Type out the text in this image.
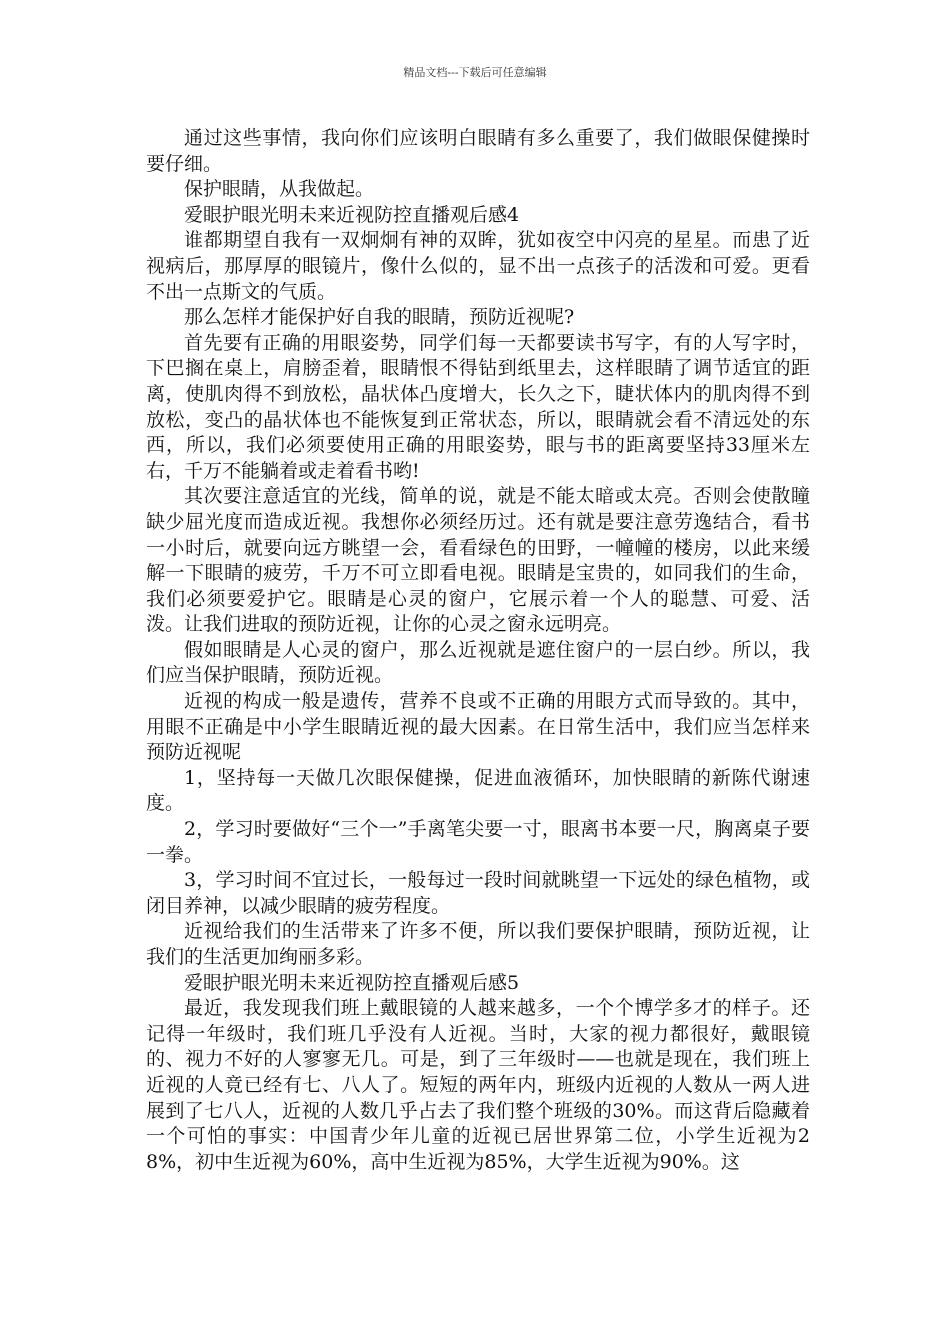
精品文档---下载后可任意编辑

通过这些事情，我向你们应该明白眼睛有多么重要了，我们做眼保健操时要仔细。

保护眼睛，从我做起。

爱眼护眼光明未来近视防控直播观后感4

谁都期望自我有一双炯炯有神的双眸，犹如夜空中闪亮的星星。而患了近视病后，那厚厚的眼镜片，像什么似的，显不出一点孩子的活泼和可爱。更看不出一点斯文的气质。

那么怎样才能保护好自我的眼睛，预防近视呢?

首先要有正确的用眼姿势，同学们每一天都要读书写字，有的人写字时，下巴搁在桌上，肩膀歪着，眼睛恨不得钻到纸里去，这样眼睛了调节适宜的距离，使肌肉得不到放松，晶状体凸度增大，长久之下，睫状体内的肌肉得不到放松，变凸的晶状体也不能恢复到正常状态，所以，眼睛就会看不清远处的东西，所以，我们必须要使用正确的用眼姿势，眼与书的距离要坚持33厘米左右，千万不能躺着或走着看书哟!

其次要注意适宜的光线，简单的说，就是不能太暗或太亮。否则会使散瞳缺少屈光度而造成近视。我想你必须经历过。还有就是要注意劳逸结合，看书一小时后，就要向远方眺望一会，看看绿色的田野，一幢幢的楼房，以此来缓解一下眼睛的疲劳，千万不可立即看电视。眼睛是宝贵的，如同我们的生命，我们必须要爱护它。眼睛是心灵的窗户，它展示着一个人的聪慧、可爱、活泼。让我们进取的预防近视，让你的心灵之窗永远明亮。

假如眼睛是人心灵的窗户，那么近视就是遮住窗户的一层白纱。所以，我们应当保护眼睛，预防近视。

近视的构成一般是遗传，营养不良或不正确的用眼方式而导致的。其中，用眼不正确是中小学生眼睛近视的最大因素。在日常生活中，我们应当怎样来预防近视呢

1，坚持每一天做几次眼保健操，促进血液循环，加快眼睛的新陈代谢速度。

2，学习时要做好“三个一”手离笔尖要一寸，眼离书本要一尺，胸离桌子要一拳。

3，学习时间不宜过长，一般每过一段时间就眺望一下远处的绿色植物，或闭目养神，以减少眼睛的疲劳程度。

近视给我们的生活带来了许多不便，所以我们要保护眼睛，预防近视，让我们的生活更加绚丽多彩。

爱眼护眼光明未来近视防控直播观后感5

最近，我发现我们班上戴眼镜的人越来越多，一个个博学多才的样子。还记得一年级时，我们班几乎没有人近视。当时，大家的视力都很好，戴眼镜的、视力不好的人寥寥无几。可是，到了三年级时——也就是现在，我们班上近视的人竟已经有七、八人了。短短的两年内，班级内近视的人数从一两人进展到了七八人，近视的人数几乎占去了我们整个班级的30%。而这背后隐藏着一个可怕的事实：中国青少年儿童的近视已居世界第二位，小学生近视为28%，初中生近视为60%，高中生近视为85%，大学生近视为90%。这
